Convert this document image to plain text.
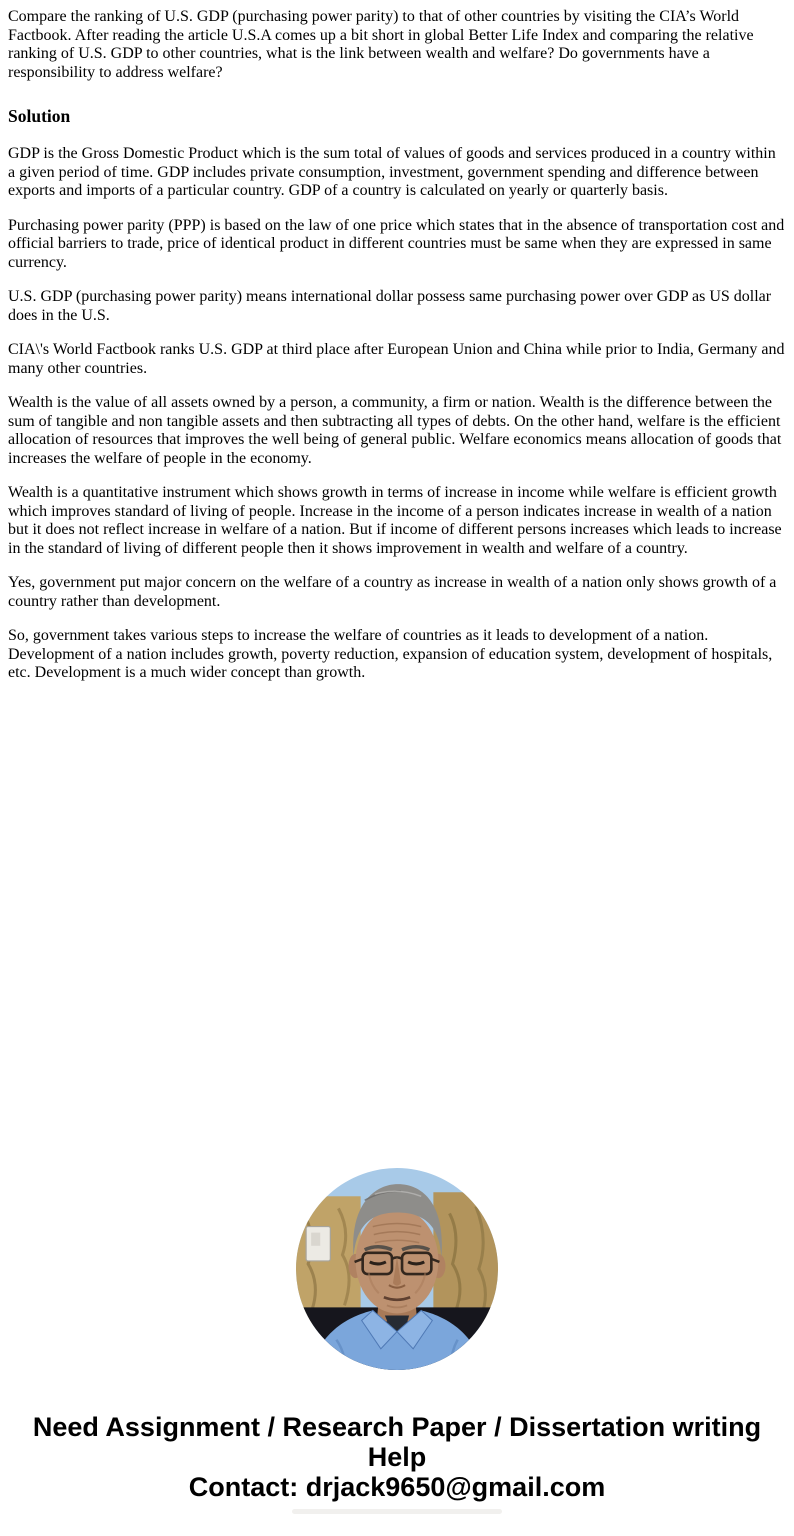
Compare the ranking of U.S. GDP (purchasing power parity) to that of other countries by visiting the CIA’s World Factbook. After reading the article U.S.A comes up a bit short in global Better Life Index and comparing the relative ranking of U.S. GDP to other countries, what is the link between wealth and welfare? Do governments have a responsibility to address welfare?

Solution

GDP is the Gross Domestic Product which is the sum total of values of goods and services produced in a country within a given period of time. GDP includes private consumption, investment, government spending and difference between exports and imports of a particular country. GDP of a country is calculated on yearly or quarterly basis.

Purchasing power parity (PPP) is based on the law of one price which states that in the absence of transportation cost and official barriers to trade, price of identical product in different countries must be same when they are expressed in same currency.

U.S. GDP (purchasing power parity) means international dollar possess same purchasing power over GDP as US dollar does in the U.S.

CIA\'s World Factbook ranks U.S. GDP at third place after European Union and China while prior to India, Germany and many other countries.

Wealth is the value of all assets owned by a person, a community, a firm or nation. Wealth is the difference between the sum of tangible and non tangible assets and then subtracting all types of debts. On the other hand, welfare is the efficient allocation of resources that improves the well being of general public. Welfare economics means allocation of goods that increases the welfare of people in the economy.

Wealth is a quantitative instrument which shows growth in terms of increase in income while welfare is efficient growth which improves standard of living of people. Increase in the income of a person indicates increase in wealth of a nation but it does not reflect increase in welfare of a nation. But if income of different persons increases which leads to increase in the standard of living of different people then it shows improvement in wealth and welfare of a country.

Yes, government put major concern on the welfare of a country as increase in wealth of a nation only shows growth of a country rather than development.

So, government takes various steps to increase the welfare of countries as it leads to development of a nation. Development of a nation includes growth, poverty reduction, expansion of education system, development of hospitals, etc. Development is a much wider concept than growth.

Need Assignment / Research Paper / Dissertation writing Help
Contact: drjack9650@gmail.com
